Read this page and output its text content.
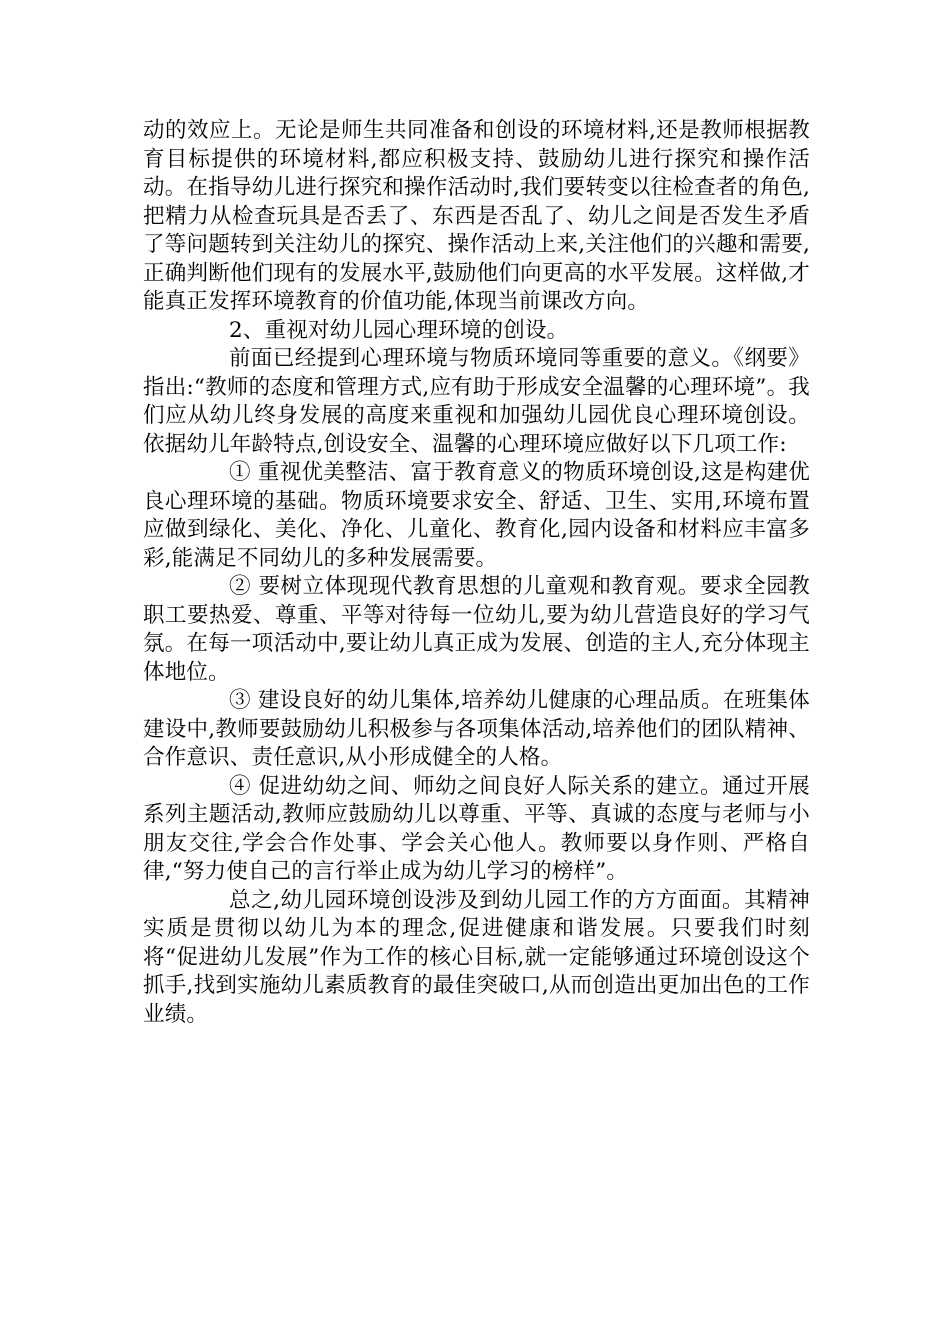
动的效应上。无论是师生共同准备和创设的环境材料,还是教师根据教育目标提供的环境材料,都应积极支持、鼓励幼儿进行探究和操作活动。在指导幼儿进行探究和操作活动时,我们要转变以往检查者的角色,把精力从检查玩具是否丢了、东西是否乱了、幼儿之间是否发生矛盾了等问题转到关注幼儿的探究、操作活动上来,关注他们的兴趣和需要,正确判断他们现有的发展水平,鼓励他们向更高的水平发展。这样做,才能真正发挥环境教育的价值功能,体现当前课改方向。

2、重视对幼儿园心理环境的创设。

前面已经提到心理环境与物质环境同等重要的意义。《纲要》指出:“教师的态度和管理方式,应有助于形成安全温馨的心理环境”。我们应从幼儿终身发展的高度来重视和加强幼儿园优良心理环境创设。依据幼儿年龄特点,创设安全、温馨的心理环境应做好以下几项工作:

① 重视优美整洁、富于教育意义的物质环境创设,这是构建优良心理环境的基础。物质环境要求安全、舒适、卫生、实用,环境布置应做到绿化、美化、净化、儿童化、教育化,园内设备和材料应丰富多彩,能满足不同幼儿的多种发展需要。

② 要树立体现现代教育思想的儿童观和教育观。要求全园教职工要热爱、尊重、平等对待每一位幼儿,要为幼儿营造良好的学习气氛。在每一项活动中,要让幼儿真正成为发展、创造的主人,充分体现主体地位。

③ 建设良好的幼儿集体,培养幼儿健康的心理品质。在班集体建设中,教师要鼓励幼儿积极参与各项集体活动,培养他们的团队精神、合作意识、责任意识,从小形成健全的人格。

④ 促进幼幼之间、师幼之间良好人际关系的建立。通过开展系列主题活动,教师应鼓励幼儿以尊重、平等、真诚的态度与老师与小朋友交往,学会合作处事、学会关心他人。教师要以身作则、严格自律,“努力使自己的言行举止成为幼儿学习的榜样”。

总之,幼儿园环境创设涉及到幼儿园工作的方方面面。其精神实质是贯彻以幼儿为本的理念,促进健康和谐发展。只要我们时刻将“促进幼儿发展”作为工作的核心目标,就一定能够通过环境创设这个抓手,找到实施幼儿素质教育的最佳突破口,从而创造出更加出色的工作业绩。
